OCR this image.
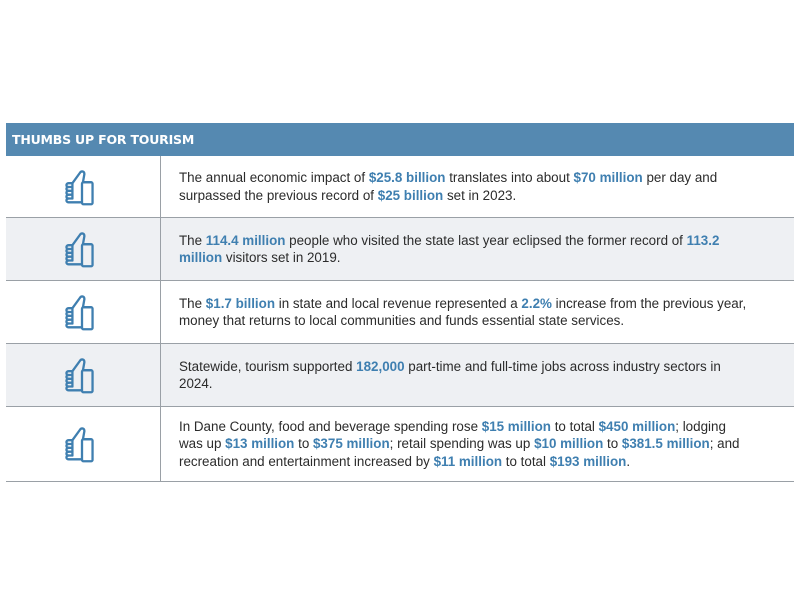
THUMBS UP FOR TOURISM
The annual economic impact of $25.8 billion translates into about $70 million per day and surpassed the previous record of $25 billion set in 2023.
The 114.4 million people who visited the state last year eclipsed the former record of 113.2 million visitors set in 2019.
The $1.7 billion in state and local revenue represented a 2.2% increase from the previous year, money that returns to local communities and funds essential state services.
Statewide, tourism supported 182,000 part-time and full-time jobs across industry sectors in 2024.
In Dane County, food and beverage spending rose $15 million to total $450 million; lodging was up $13 million to $375 million; retail spending was up $10 million to $381.5 million; and recreation and entertainment increased by $11 million to total $193 million.
